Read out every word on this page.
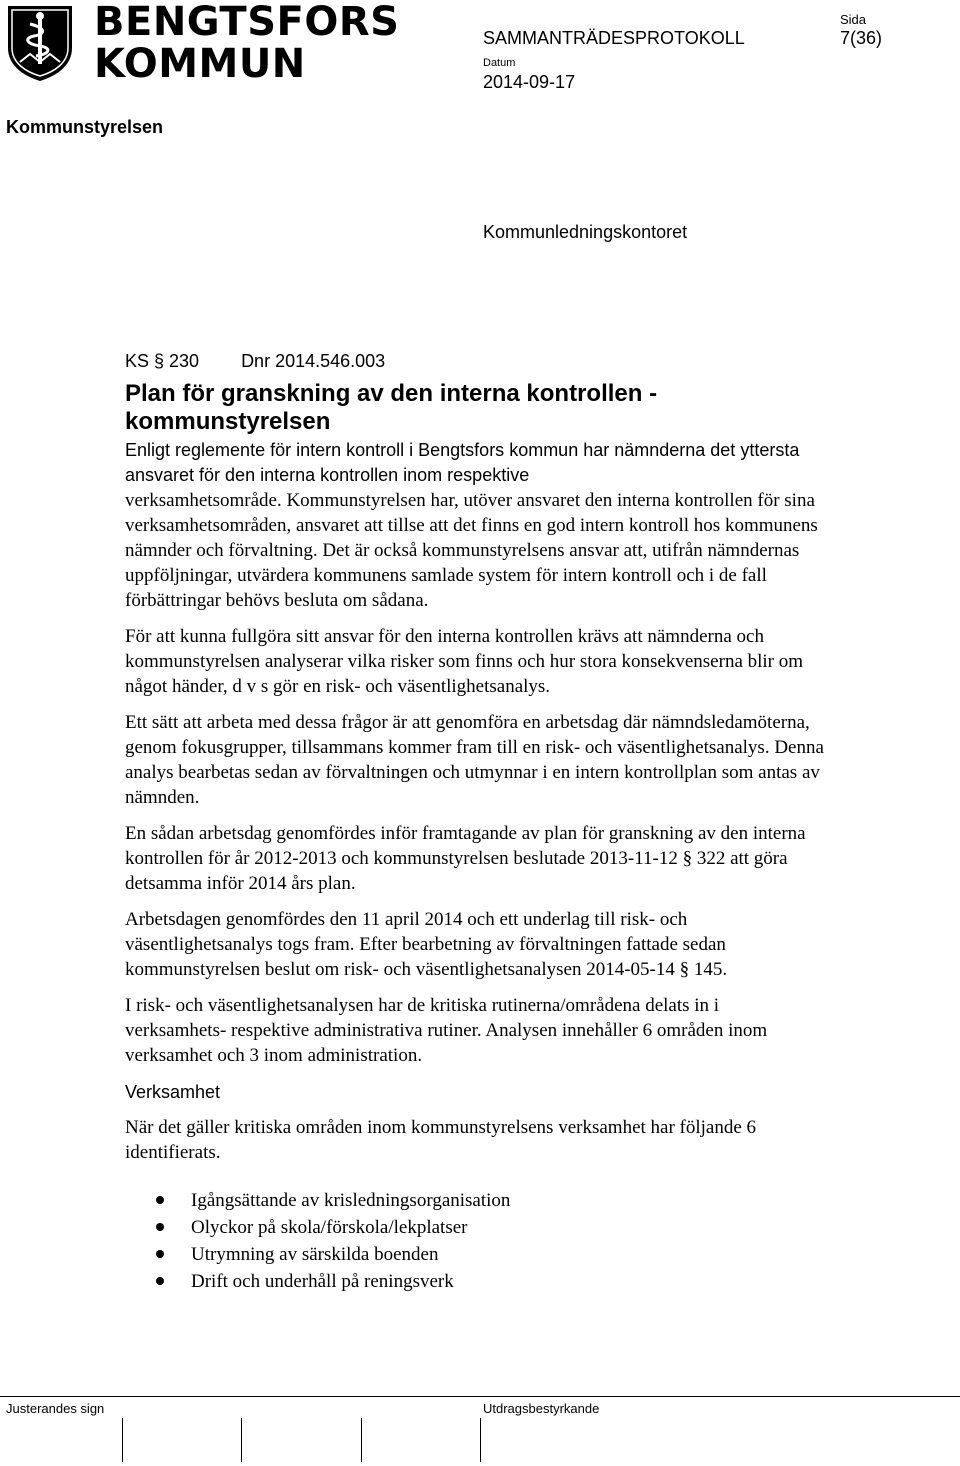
BENGTSFORS
KOMMUN
Sida
SAMMANTRÄDESPROTOKOLL	7(36)
Datum
2014-09-17
Kommunstyrelsen
Kommunledningskontoret
KS § 230 Dnr 2014.546.003
Plan för granskning av den interna kontrollen - kommunstyrelsen

Enligt reglemente för intern kontroll i Bengtsfors kommun har nämnderna det yttersta ansvaret för den interna kontrollen inom respektive

verksamhetsområde. Kommunstyrelsen har, utöver ansvaret den interna kontrollen för sina verksamhetsområden, ansvaret att tillse att det finns en god intern kontroll hos kommunens nämnder och förvaltning. Det är också kommunstyrelsens ansvar att, utifrån nämndernas uppföljningar, utvärdera kommunens samlade system för intern kontroll och i de fall förbättringar behövs besluta om sådana.

För att kunna fullgöra sitt ansvar för den interna kontrollen krävs att nämnderna och kommunstyrelsen analyserar vilka risker som finns och hur stora konsekvenserna blir om något händer, d v s gör en risk- och väsentlighetsanalys.

Ett sätt att arbeta med dessa frågor är att genomföra en arbetsdag där nämndsledamöterna, genom fokusgrupper, tillsammans kommer fram till en risk- och väsentlighetsanalys. Denna analys bearbetas sedan av förvaltningen och utmynnar i en intern kontrollplan som antas av nämnden.

En sådan arbetsdag genomfördes inför framtagande av plan för granskning av den interna kontrollen för år 2012-2013 och kommunstyrelsen beslutade 2013-11-12 § 322 att göra detsamma inför 2014 års plan.

Arbetsdagen genomfördes den 11 april 2014 och ett underlag till risk- och väsentlighetsanalys togs fram. Efter bearbetning av förvaltningen fattade sedan kommunstyrelsen beslut om risk- och väsentlighetsanalysen 2014-05-14 § 145.

I risk- och väsentlighetsanalysen har de kritiska rutinerna/områdena delats in i verksamhets- respektive administrativa rutiner. Analysen innehåller 6 områden inom verksamhet och 3 inom administration.

Verksamhet

När det gäller kritiska områden inom kommunstyrelsens verksamhet har följande 6 identifierats.

Igångsättande av krisledningsorganisation
Olyckor på skola/förskola/lekplatser
Utrymning av särskilda boenden
Drift och underhåll på reningsverk
Justerandes sign	Utdragsbestyrkande
